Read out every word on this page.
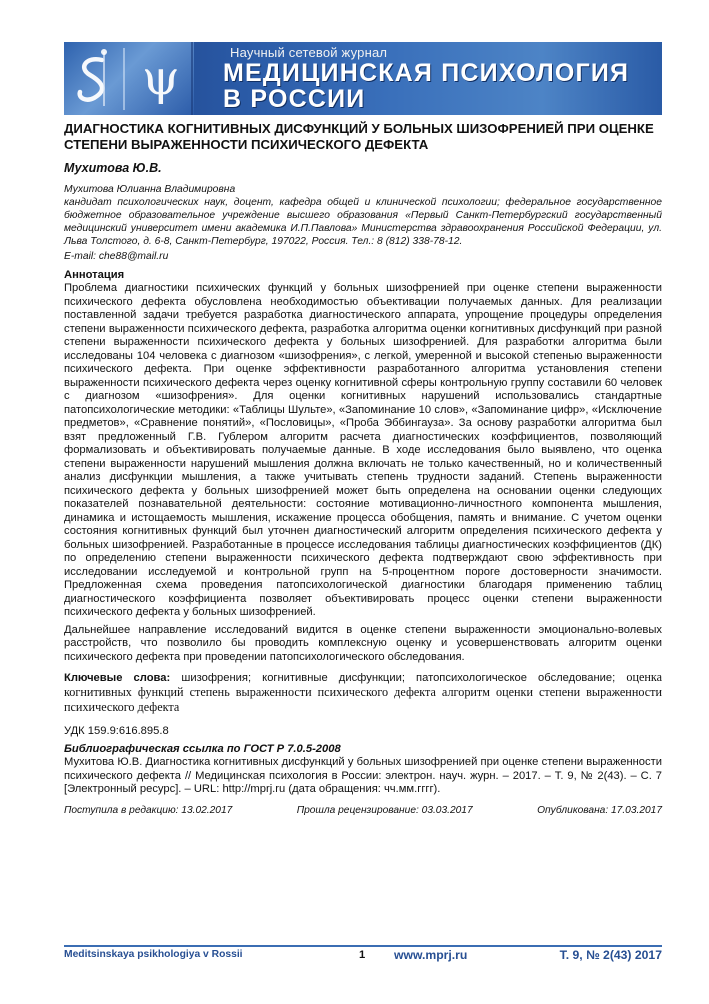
ψ	Научный сетевой журнал
МЕДИЦИНСКАЯ ПСИХОЛОГИЯ
В РОССИИ
ДИАГНОСТИКА КОГНИТИВНЫХ ДИСФУНКЦИЙ У БОЛЬНЫХ ШИЗОФРЕНИЕЙ ПРИ ОЦЕНКЕ СТЕПЕНИ ВЫРАЖЕННОСТИ ПСИХИЧЕСКОГО ДЕФЕКТА
Мухитова Ю.В.

Мухитова Юлианна Владимировна

кандидат психологических наук, доцент, кафедра общей и клинической психологии; федеральное государственное бюджетное образовательное учреждение высшего образования «Первый Санкт-Петербургский государственный медицинский университет имени академика И.П.Павлова» Министерства здравоохранения Российской Федерации, ул. Льва Толстого, д. 6-8, Санкт-Петербург, 197022, Россия. Тел.: 8 (812) 338-78-12.

E-mail: che88@mail.ru

Аннотация

Проблема диагностики психических функций у больных шизофренией при оценке степени выраженности психического дефекта обусловлена необходимостью объективации получаемых данных. Для реализации поставленной задачи требуется разработка диагностического аппарата, упрощение процедуры определения степени выраженности психического дефекта, разработка алгоритма оценки когнитивных дисфункций при разной степени выраженности психического дефекта у больных шизофренией. Для разработки алгоритма были исследованы 104 человека с диагнозом «шизофрения», с легкой, умеренной и высокой степенью выраженности психического дефекта. При оценке эффективности разработанного алгоритма установления степени выраженности психического дефекта через оценку когнитивной сферы контрольную группу составили 60 человек с диагнозом «шизофрения». Для оценки когнитивных нарушений использовались стандартные патопсихологические методики: «Таблицы Шульте», «Запоминание 10 слов», «Запоминание цифр», «Исключение предметов», «Сравнение понятий», «Пословицы», «Проба Эббингауза». За основу разработки алгоритма был взят предложенный Г.В. Гублером алгоритм расчета диагностических коэффициентов, позволяющий формализовать и объективировать получаемые данные. В ходе исследования было выявлено, что оценка степени выраженности нарушений мышления должна включать не только качественный, но и количественный анализ дисфункции мышления, а также учитывать степень трудности заданий. Степень выраженности психического дефекта у больных шизофренией может быть определена на основании оценки следующих показателей познавательной деятельности: состояние мотивационно-личностного компонента мышления, динамика и истощаемость мышления, искажение процесса обобщения, память и внимание. С учетом оценки состояния когнитивных функций был уточнен диагностический алгоритм определения психического дефекта у больных шизофренией. Разработанные в процессе исследования таблицы диагностических коэффициентов (ДК) по определению степени выраженности психического дефекта подтверждают свою эффективность при исследовании исследуемой и контрольной групп на 5-процентном пороге достоверности значимости. Предложенная схема проведения патопсихологической диагностики благодаря применению таблиц диагностического коэффициента позволяет объективировать процесс оценки степени выраженности психического дефекта у больных шизофренией.

Дальнейшее направление исследований видится в оценке степени выраженности эмоционально-волевых расстройств, что позволило бы проводить комплексную оценку и усовершенствовать алгоритм оценки психического дефекта при проведении патопсихологического обследования.

Ключевые слова: шизофрения; когнитивные дисфункции; патопсихологическое обследование; оценка когнитивных функций степень выраженности психического дефекта алгоритм оценки степени выраженности психического дефекта
УДК 159.9:616.895.8
Библиографическая ссылка по ГОСТ Р 7.0.5-2008

Мухитова Ю.В. Диагностика когнитивных дисфункций у больных шизофренией при оценке степени выраженности психического дефекта // Медицинская психология в России: электрон. науч. журн. – 2017. – Т. 9, № 2(43). – С. 7 [Электронный ресурс]. – URL: http://mprj.ru (дата обращения: чч.мм.гггг).

Поступила в редакцию: 13.02.2017	Прошла рецензирование: 03.03.2017	Опубликована: 17.03.2017
Meditsinskaya psikhologiya v Rossii	1 www.mprj.ru	Т. 9, № 2(43) 2017
